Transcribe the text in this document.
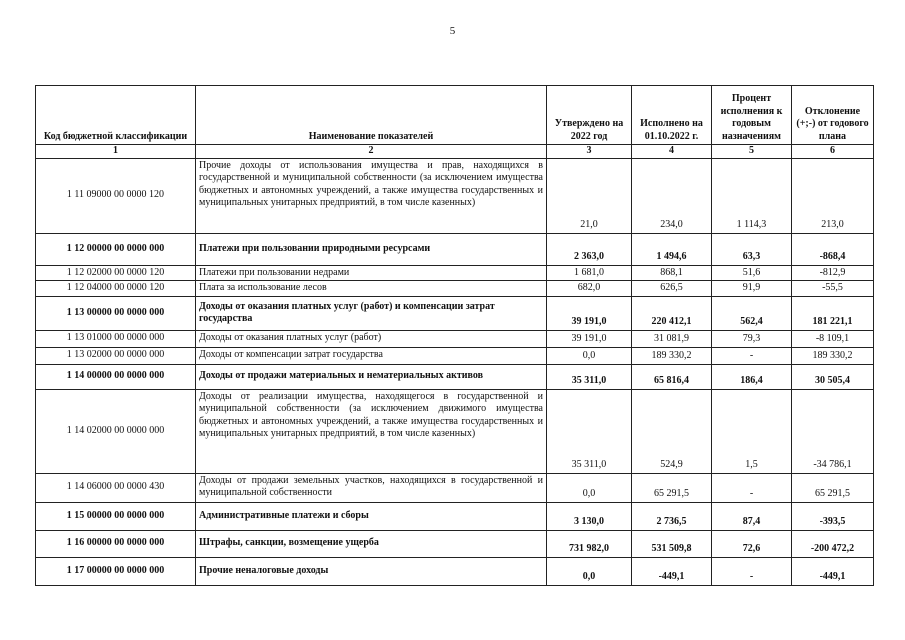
5
Код бюджетной классификации	Наименование показателей	Утверждено на 2022 год	Исполнено на 01.10.2022 г.	Процент исполнения к годовым назначениям	Отклонение (+;-) от годового плана
1	2	3	4	5	6
1 11 09000 00 0000 120	Прочие доходы от использования имущества и прав, находящихся в государственной и муниципальной собственности (за исключением имущества бюджетных и автономных учреждений, а также имущества государственных и муниципальных унитарных предприятий, в том числе казенных)	21,0	234,0	1 114,3	213,0
1 12 00000 00 0000 000	Платежи при пользовании природными ресурсами	2 363,0	1 494,6	63,3	-868,4
1 12 02000 00 0000 120	Платежи при пользовании недрами	1 681,0	868,1	51,6	-812,9
1 12 04000 00 0000 120	Плата за использование лесов	682,0	626,5	91,9	-55,5
1 13 00000 00 0000 000	Доходы от оказания платных услуг (работ) и компенсации затрат государства	39 191,0	220 412,1	562,4	181 221,1
1 13 01000 00 0000 000	Доходы от оказания платных услуг (работ)	39 191,0	31 081,9	79,3	-8 109,1
1 13 02000 00 0000 000	Доходы от компенсации затрат государства	0,0	189 330,2	-	189 330,2
1 14 00000 00 0000 000	Доходы от продажи материальных и нематериальных активов	35 311,0	65 816,4	186,4	30 505,4
1 14 02000 00 0000 000	Доходы от реализации имущества, находящегося в государственной и муниципальной собственности (за исключением движимого имущества бюджетных и автономных учреждений, а также имущества государственных и муниципальных унитарных предприятий, в том числе казенных)	35 311,0	524,9	1,5	-34 786,1
1 14 06000 00 0000 430	Доходы от продажи земельных участков, находящихся в государственной и муниципальной собственности	0,0	65 291,5	-	65 291,5
1 15 00000 00 0000 000	Административные платежи и сборы	3 130,0	2 736,5	87,4	-393,5
1 16 00000 00 0000 000	Штрафы, санкции, возмещение ущерба	731 982,0	531 509,8	72,6	-200 472,2
1 17 00000 00 0000 000	Прочие неналоговые доходы	0,0	-449,1	-	-449,1
